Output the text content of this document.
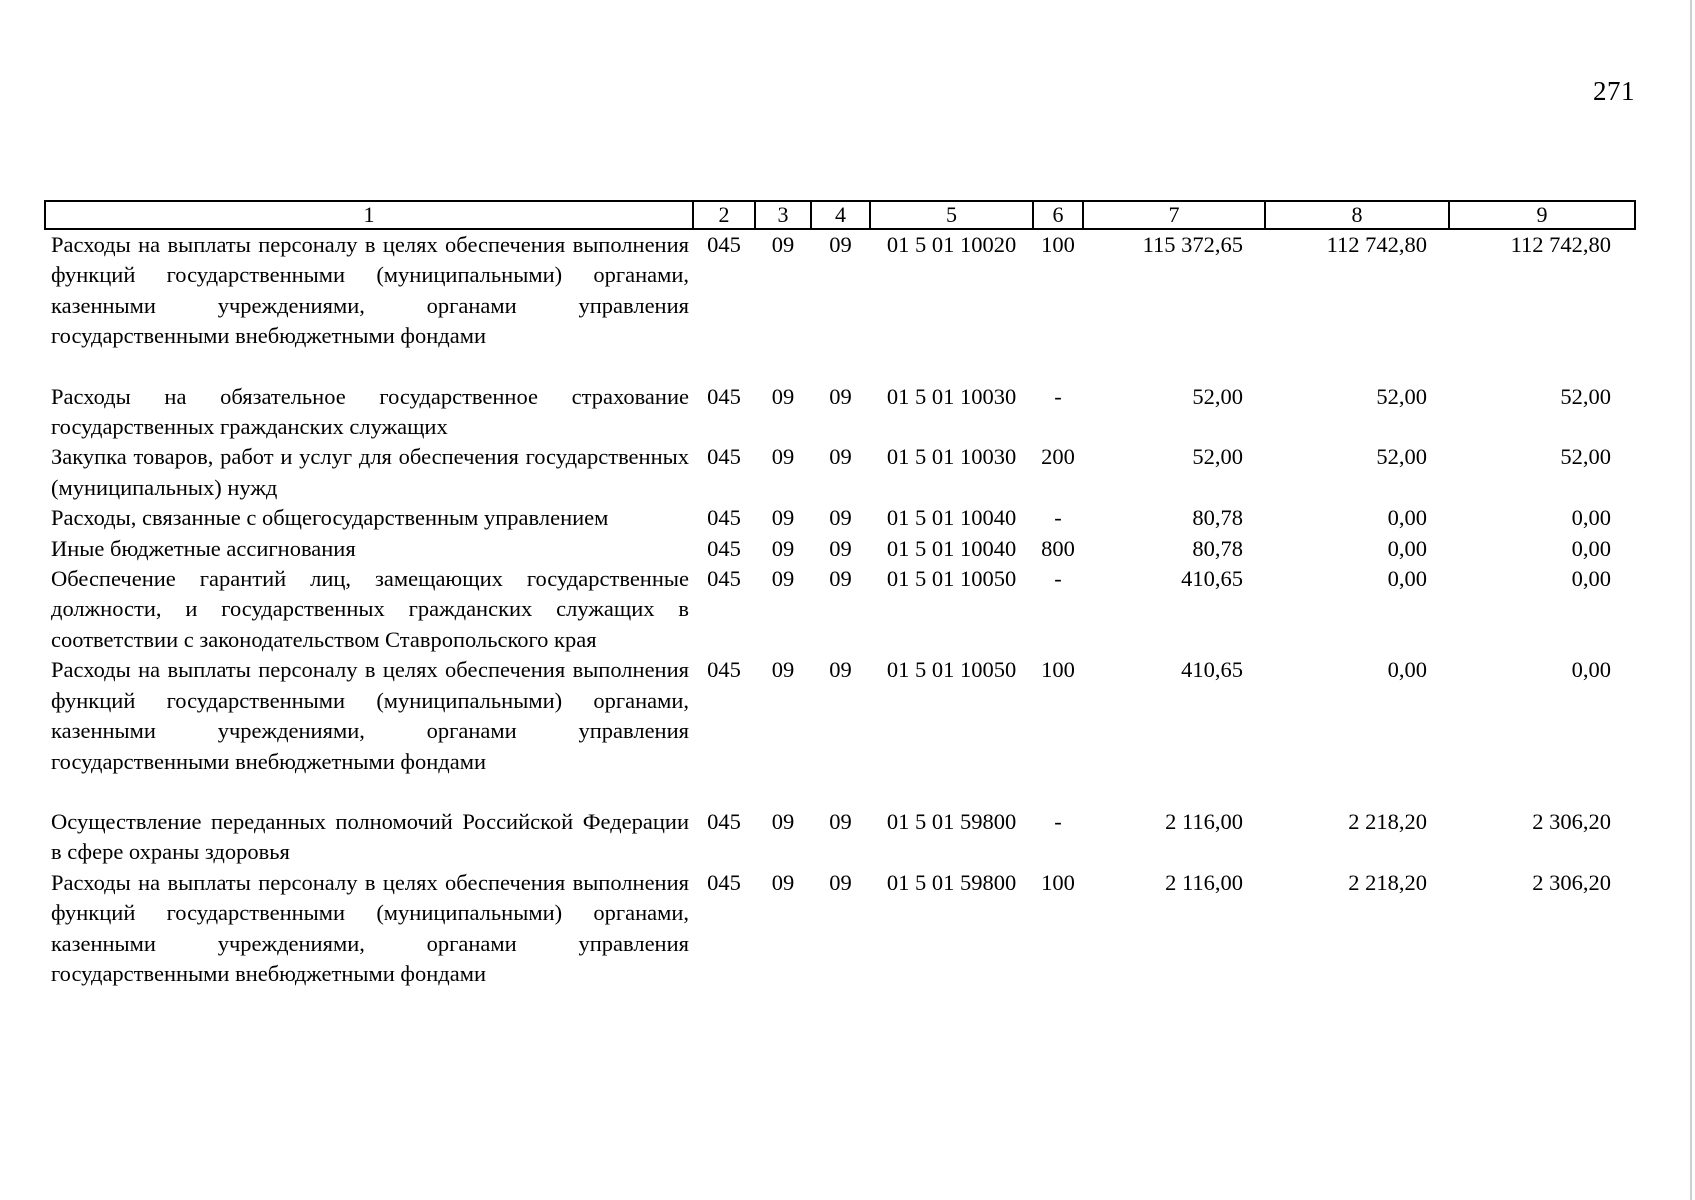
271
1	2	3	4	5	6	7	8	9
Расходы на выплаты персоналу в целях обеспечения выполнения функций государственными (муниципальными) органами, казенными учреждениями, органами управления государственными внебюджетными фондами	045	09	09	01 5 01 10020	100	115 372,65	112 742,80	112 742,80
Расходы на обязательное государственное страхование государственных гражданских служащих	045	09	09	01 5 01 10030	-	52,00	52,00	52,00
Закупка товаров, работ и услуг для обеспечения государственных (муниципальных) нужд	045	09	09	01 5 01 10030	200	52,00	52,00	52,00
Расходы, связанные с общегосударственным управлением	045	09	09	01 5 01 10040	-	80,78	0,00	0,00
Иные бюджетные ассигнования	045	09	09	01 5 01 10040	800	80,78	0,00	0,00
Обеспечение гарантий лиц, замещающих государственные должности, и государственных гражданских служащих в соответствии с законодательством Ставропольского края	045	09	09	01 5 01 10050	-	410,65	0,00	0,00
Расходы на выплаты персоналу в целях обеспечения выполнения функций государственными (муниципальными) органами, казенными учреждениями, органами управления государственными внебюджетными фондами	045	09	09	01 5 01 10050	100	410,65	0,00	0,00
Осуществление переданных полномочий Российской Федерации в сфере охраны здоровья	045	09	09	01 5 01 59800	-	2 116,00	2 218,20	2 306,20
Расходы на выплаты персоналу в целях обеспечения выполнения функций государственными (муниципальными) органами, казенными учреждениями, органами управления государственными внебюджетными фондами	045	09	09	01 5 01 59800	100	2 116,00	2 218,20	2 306,20
